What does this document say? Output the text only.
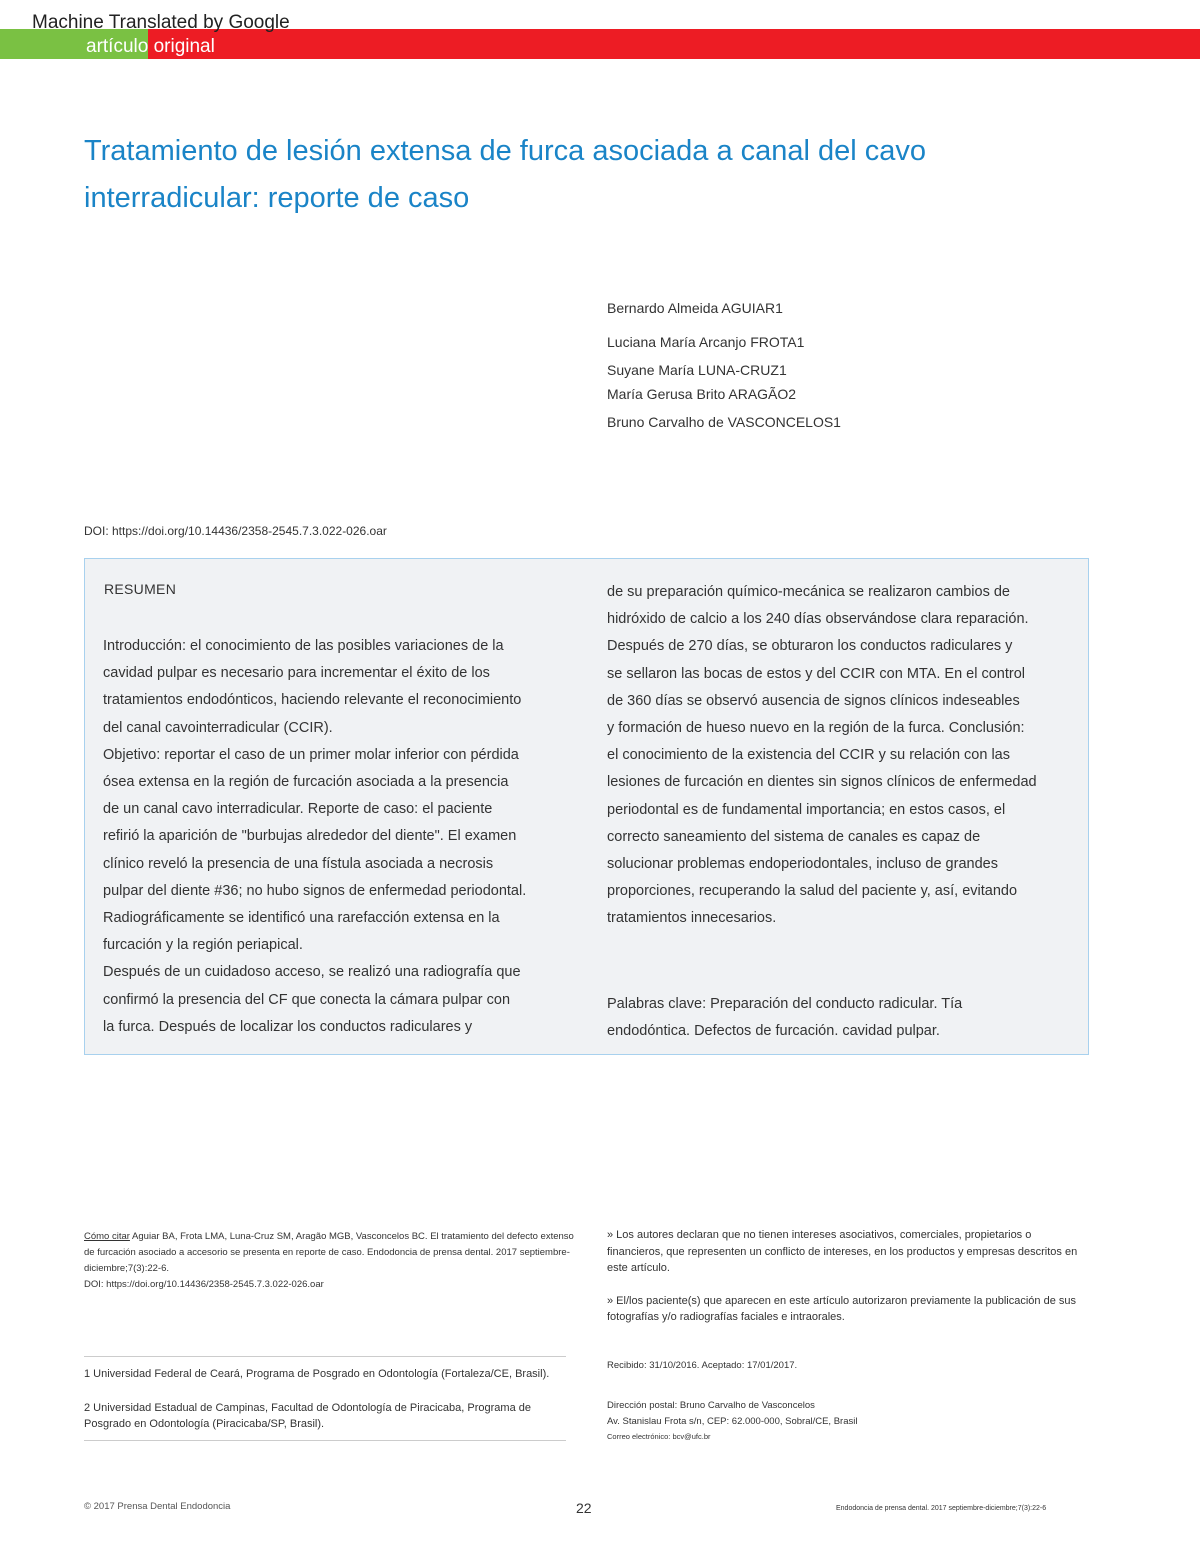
Machine Translated by Google
artículo original
Tratamiento de lesión extensa de furca asociada a canal del cavo interradicular: reporte de caso
Bernardo Almeida AGUIAR1
Luciana María Arcanjo FROTA1
Suyane María LUNA-CRUZ1
María Gerusa Brito ARAGÃO2
Bruno Carvalho de VASCONCELOS1
DOI: https://doi.org/10.14436/2358-2545.7.3.022-026.oar
RESUMEN
Introducción: el conocimiento de las posibles variaciones de la
cavidad pulpar es necesario para incrementar el éxito de los
tratamientos endodónticos, haciendo relevante el reconocimiento
del canal cavointerradicular (CCIR).
Objetivo: reportar el caso de un primer molar inferior con pérdida
ósea extensa en la región de furcación asociada a la presencia
de un canal cavo interradicular. Reporte de caso: el paciente
refirió la aparición de "burbujas alrededor del diente". El examen
clínico reveló la presencia de una fístula asociada a necrosis
pulpar del diente #36; no hubo signos de enfermedad periodontal.
Radiográficamente se identificó una rarefacción extensa en la
furcación y la región periapical.
Después de un cuidadoso acceso, se realizó una radiografía que
confirmó la presencia del CF que conecta la cámara pulpar con
la furca. Después de localizar los conductos radiculares y
de su preparación químico-mecánica se realizaron cambios de
hidróxido de calcio a los 240 días observándose clara reparación.
Después de 270 días, se obturaron los conductos radiculares y
se sellaron las bocas de estos y del CCIR con MTA. En el control
de 360 días se observó ausencia de signos clínicos indeseables
y formación de hueso nuevo en la región de la furca. Conclusión:
el conocimiento de la existencia del CCIR y su relación con las
lesiones de furcación en dientes sin signos clínicos de enfermedad
periodontal es de fundamental importancia; en estos casos, el
correcto saneamiento del sistema de canales es capaz de
solucionar problemas endoperiodontales, incluso de grandes
proporciones, recuperando la salud del paciente y, así, evitando
tratamientos innecesarios.
Palabras clave: Preparación del conducto radicular. Tía
endodóntica. Defectos de furcación. cavidad pulpar.
Cómo citar Aguiar BA, Frota LMA, Luna-Cruz SM, Aragão MGB, Vasconcelos BC. El tratamiento del defecto extenso de furcación asociado a accesorio se presenta en reporte de caso. Endodoncia de prensa dental. 2017 septiembre-diciembre;7(3):22-6.
DOI: https://doi.org/10.14436/2358-2545.7.3.022-026.oar

» Los autores declaran que no tienen intereses asociativos, comerciales, propietarios o financieros, que representen un conflicto de intereses, en los productos y empresas descritos en este artículo.

» El/los paciente(s) que aparecen en este artículo autorizaron previamente la publicación de sus fotografías y/o radiografías faciales e intraorales.

1 Universidad Federal de Ceará, Programa de Posgrado en Odontología (Fortaleza/CE, Brasil).
2 Universidad Estadual de Campinas, Facultad de Odontología de Piracicaba, Programa de Posgrado en Odontología (Piracicaba/SP, Brasil).
Recibido: 31/10/2016. Aceptado: 17/01/2017.
Dirección postal: Bruno Carvalho de Vasconcelos
Av. Stanislau Frota s/n, CEP: 62.000-000, Sobral/CE, Brasil
Correo electrónico: bcv@ufc.br
© 2017 Prensa Dental Endodoncia	22	Endodoncia de prensa dental. 2017 septiembre-diciembre;7(3):22-6
